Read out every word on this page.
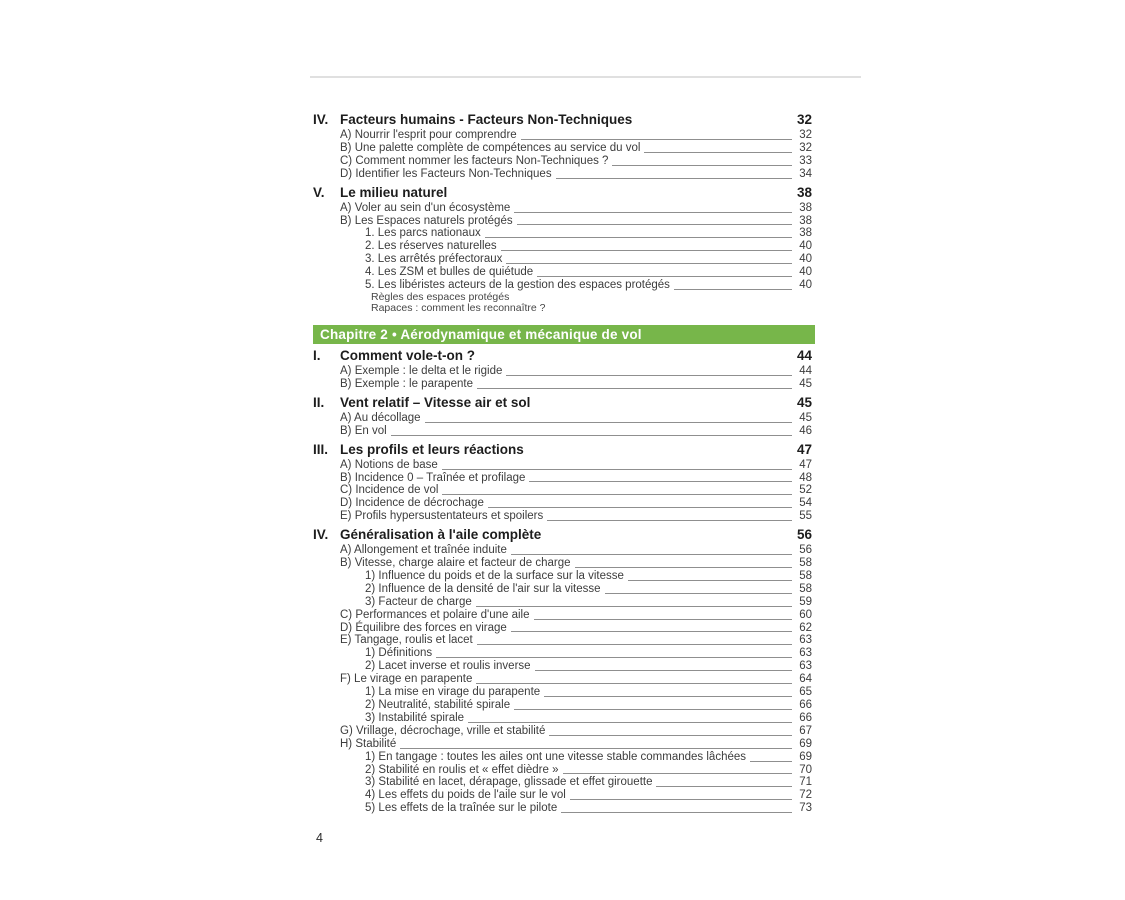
IV. Facteurs humains - Facteurs Non-Techniques	32
A) Nourrir l'esprit pour comprendre	32
B) Une palette complète de compétences au service du vol	32
C) Comment nommer les facteurs Non-Techniques ?	33
D) Identifier les Facteurs Non-Techniques	34
V.	Le milieu naturel	38
A) Voler au sein d'un écosystème	38
B) Les Espaces naturels protégés	38
1. Les parcs nationaux	38
2. Les réserves naturelles	40
3. Les arrêtés préfectoraux	40
4. Les ZSM et bulles de quiétude	40
5. Les libéristes acteurs de la gestion des espaces protégés	40
Règles des espaces protégés
Rapaces : comment les reconnaître ?
Chapitre 2 • Aérodynamique et mécanique de vol
I.	Comment vole-t-on ?	44
A) Exemple : le delta et le rigide	44
B) Exemple : le parapente	45
II.	Vent relatif – Vitesse air et sol	45
A) Au décollage	45
B) En vol	46
III. Les profils et leurs réactions	47
A) Notions de base	47
B) Incidence 0 – Traînée et profilage	48
C) Incidence de vol	52
D) Incidence de décrochage	54
E) Profils hypersustentateurs et spoilers	55
IV. Généralisation à l'aile complète	56
A) Allongement et traînée induite	56
B) Vitesse, charge alaire et facteur de charge	58
1) Influence du poids et de la surface sur la vitesse	58
2) Influence de la densité de l'air sur la vitesse	58
3) Facteur de charge	59
C) Performances et polaire d'une aile	60
D) Équilibre des forces en virage	62
E) Tangage, roulis et lacet	63
1) Définitions	63
2) Lacet inverse et roulis inverse	63
F) Le virage en parapente	64
1) La mise en virage du parapente	65
2) Neutralité, stabilité spirale	66
3) Instabilité spirale	66
G) Vrillage, décrochage, vrille et stabilité	67
H) Stabilité	69
1) En tangage : toutes les ailes ont une vitesse stable commandes lâchées	69
2) Stabilité en roulis et « effet dièdre »	70
3) Stabilité en lacet, dérapage, glissade et effet girouette	71
4) Les effets du poids de l'aile sur le vol	72
5) Les effets de la traînée sur le pilote	73
4
